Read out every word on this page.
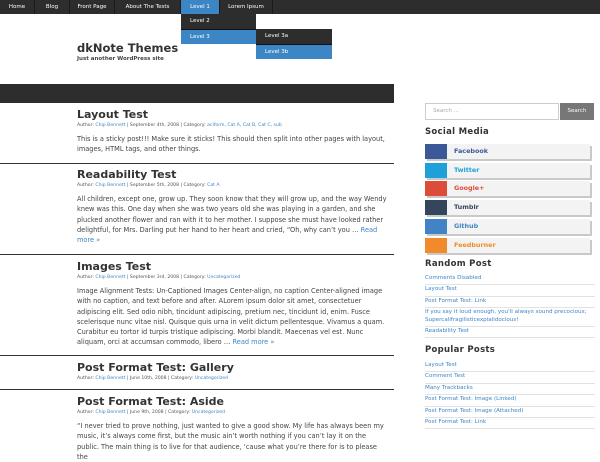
Home	Blog	Front Page	About The Tests	Level 1	Lorem Ipsum
Level 2
Level 3	Level 3a
Level 3b
dkNote Themes
Just another WordPress site
Layout Test
Author: Chip Bennett | September 4th, 2008 | Category: aciform, Cat A, Cat B, Cat C, sub
This is a sticky post!!! Make sure it sticks! This should then split into other pages with layout, images, HTML tags, and other things.
Readability Test
Author: Chip Bennett | September 5th, 2008 | Category: Cat A
All children, except one, grow up. They soon know that they will grow up, and the way Wendy knew was this. One day when she was two years old she was playing in a garden, and she plucked another flower and ran with it to her mother. I suppose she must have looked rather delightful, for Mrs. Darling put her hand to her heart and cried, “Oh, why can’t you … Read more »
Images Test
Author: Chip Bennett | September 3rd, 2008 | Category: Uncategorized
Image Alignment Tests: Un-Captioned Images Center-align, no caption Center-aligned image with no caption, and text before and after. ALorem ipsum dolor sit amet, consectetuer adipiscing elit. Sed odio nibh, tincidunt adipiscing, pretium nec, tincidunt id, enim. Fusce scelerisque nunc vitae nisl. Quisque quis urna in velit dictum pellentesque. Vivamus a quam. Curabitur eu tortor id turpis tristique adipiscing. Morbi blandit. Maecenas vel est. Nunc aliquam, orci at accumsan commodo, libero … Read more »
Post Format Test: Gallery
Author: Chip Bennett | June 10th, 2008 | Category: Uncategorized
Post Format Test: Aside
Author: Chip Bennett | June 9th, 2008 | Category: Uncategorized
“I never tried to prove nothing, just wanted to give a good show. My life has always been my music, it’s always come first, but the music ain’t worth nothing if you can’t lay it on the public. The main thing is to live for that audience, ‘cause what you’re there for is to please the
Search ...	Search
Social Media
Facebook
Twitter
Google+
Tumblr
Github
Feedburner
Random Post
Comments Disabled
Layout Test
Post Format Test: Link
If you say it loud enough, you'll always sound precocious; Supercalifragilisticexpialidocious!
Readability Test
Popular Posts
Layout Test
Comment Test
Many Trackbacks
Post Format Test: Image (Linked)
Post Format Test: Image (Attached)
Post Format Test: Link
